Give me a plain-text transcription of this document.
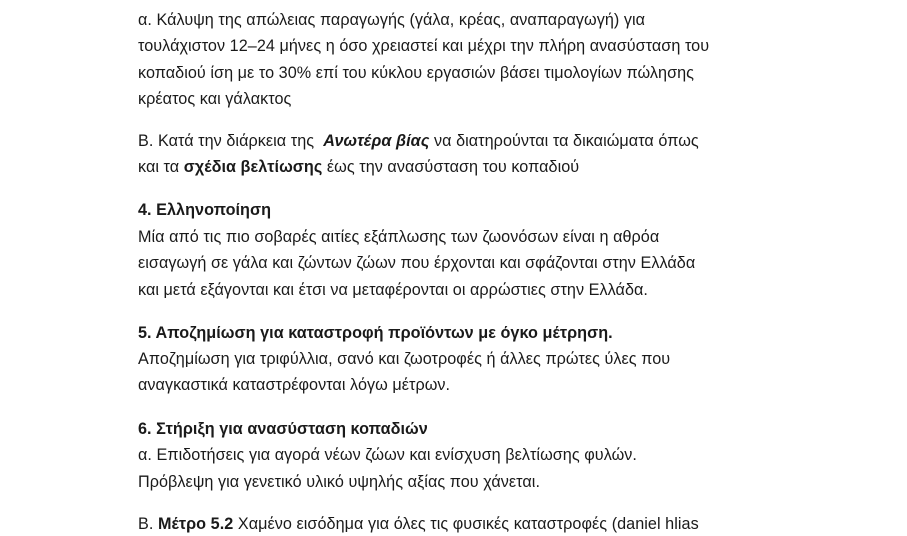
α. Κάλυψη της απώλειας παραγωγής (γάλα, κρέας, αναπαραγωγή) για
τουλάχιστον 12–24 μήνες η όσο χρειαστεί και μέχρι την πλήρη ανασύσταση του
κοπαδιού ίση με το 30% επί του κύκλου εργασιών βάσει τιμολογίων πώλησης
κρέατος και γάλακτος
Β. Κατά την διάρκεια της  Ανωτέρα βίας να διατηρούνται τα δικαιώματα όπως
και τα σχέδια βελτίωσης έως την ανασύσταση του κοπαδιού
4. Ελληνοποίηση
Μία από τις πιο σοβαρές αιτίες εξάπλωσης των ζωονόσων είναι η αθρόα
εισαγωγή σε γάλα και ζώντων ζώων που έρχονται και σφάζονται στην Ελλάδα
και μετά εξάγονται και έτσι να μεταφέρονται οι αρρώστιες στην Ελλάδα.
5. Αποζημίωση για καταστροφή προϊόντων με όγκο μέτρηση.
Αποζημίωση για τριφύλλια, σανό και ζωοτροφές ή άλλες πρώτες ύλες που
αναγκαστικά καταστρέφονται λόγω μέτρων.
6. Στήριξη για ανασύσταση κοπαδιών
α. Επιδοτήσεις για αγορά νέων ζώων και ενίσχυση βελτίωσης φυλών.
Πρόβλεψη για γενετικό υλικό υψηλής αξίας που χάνεται.
Β. Μέτρο 5.2 Χαμένο εισόδημα για όλες τις φυσικές καταστροφές (daniel hlias
